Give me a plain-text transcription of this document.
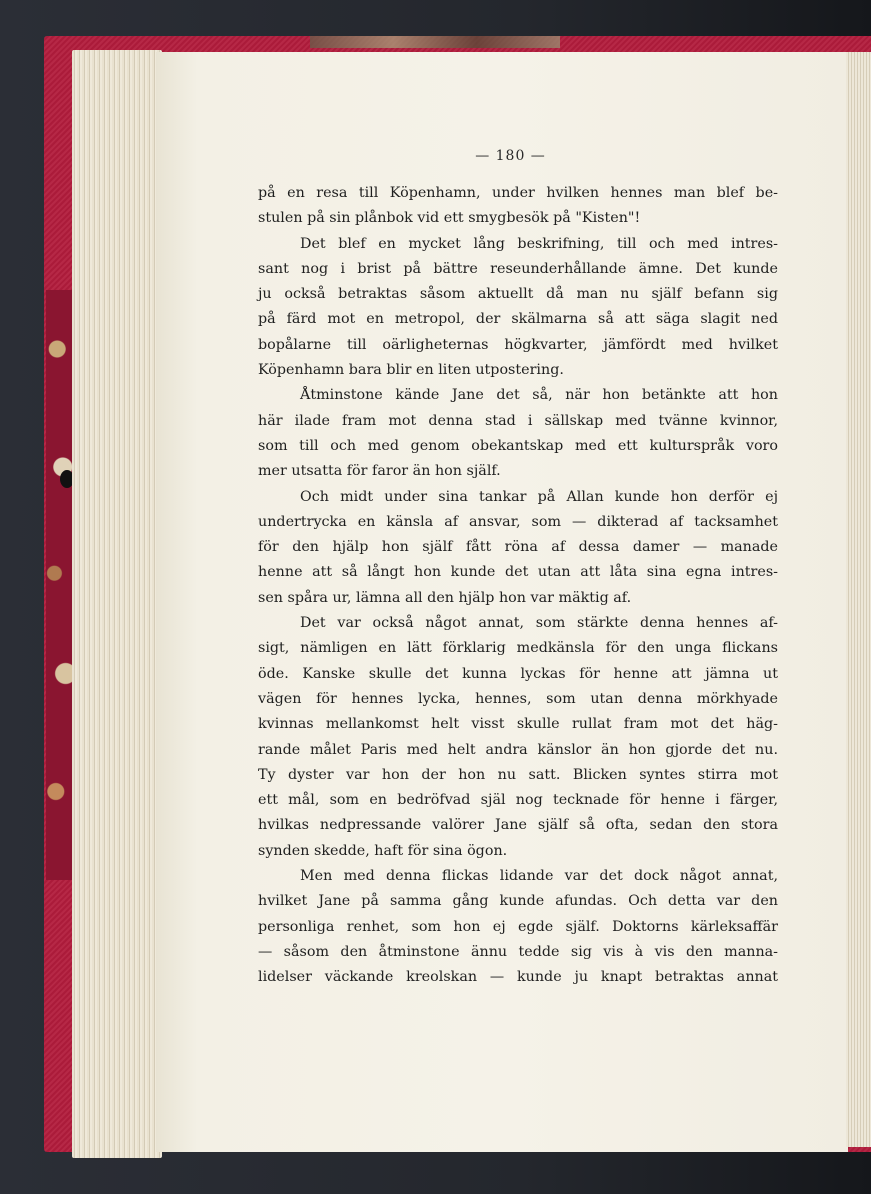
— 180 —
på en resa till Köpenhamn, under hvilken hennes man blef be-
stulen på sin plånbok vid ett smygbesök på "Kisten"!
Det blef en mycket lång beskrifning, till och med intres-
sant nog i brist på bättre reseunderhållande ämne. Det kunde
ju också betraktas såsom aktuellt då man nu själf befann sig
på färd mot en metropol, der skälmarna så att säga slagit ned
bopålarne till oärligheternas högkvarter, jämfördt med hvilket
Köpenhamn bara blir en liten utpostering.
Åtminstone kände Jane det så, när hon betänkte att hon
här ilade fram mot denna stad i sällskap med tvänne kvinnor,
som till och med genom obekantskap med ett kulturspråk voro
mer utsatta för faror än hon själf.
Och midt under sina tankar på Allan kunde hon derför ej
undertrycka en känsla af ansvar, som — dikterad af tacksamhet
för den hjälp hon själf fått röna af dessa damer — manade
henne att så långt hon kunde det utan att låta sina egna intres-
sen spåra ur, lämna all den hjälp hon var mäktig af.
Det var också något annat, som stärkte denna hennes af-
sigt, nämligen en lätt förklarig medkänsla för den unga flickans
öde. Kanske skulle det kunna lyckas för henne att jämna ut
vägen för hennes lycka, hennes, som utan denna mörkhyade
kvinnas mellankomst helt visst skulle rullat fram mot det häg-
rande målet Paris med helt andra känslor än hon gjorde det nu.
Ty dyster var hon der hon nu satt. Blicken syntes stirra mot
ett mål, som en bedröfvad själ nog tecknade för henne i färger,
hvilkas nedpressande valörer Jane själf så ofta, sedan den stora
synden skedde, haft för sina ögon.
Men med denna flickas lidande var det dock något annat,
hvilket Jane på samma gång kunde afundas. Och detta var den
personliga renhet, som hon ej egde själf. Doktorns kärleksaffär
— såsom den åtminstone ännu tedde sig vis à vis den manna-
lidelser väckande kreolskan — kunde ju knapt betraktas annat
